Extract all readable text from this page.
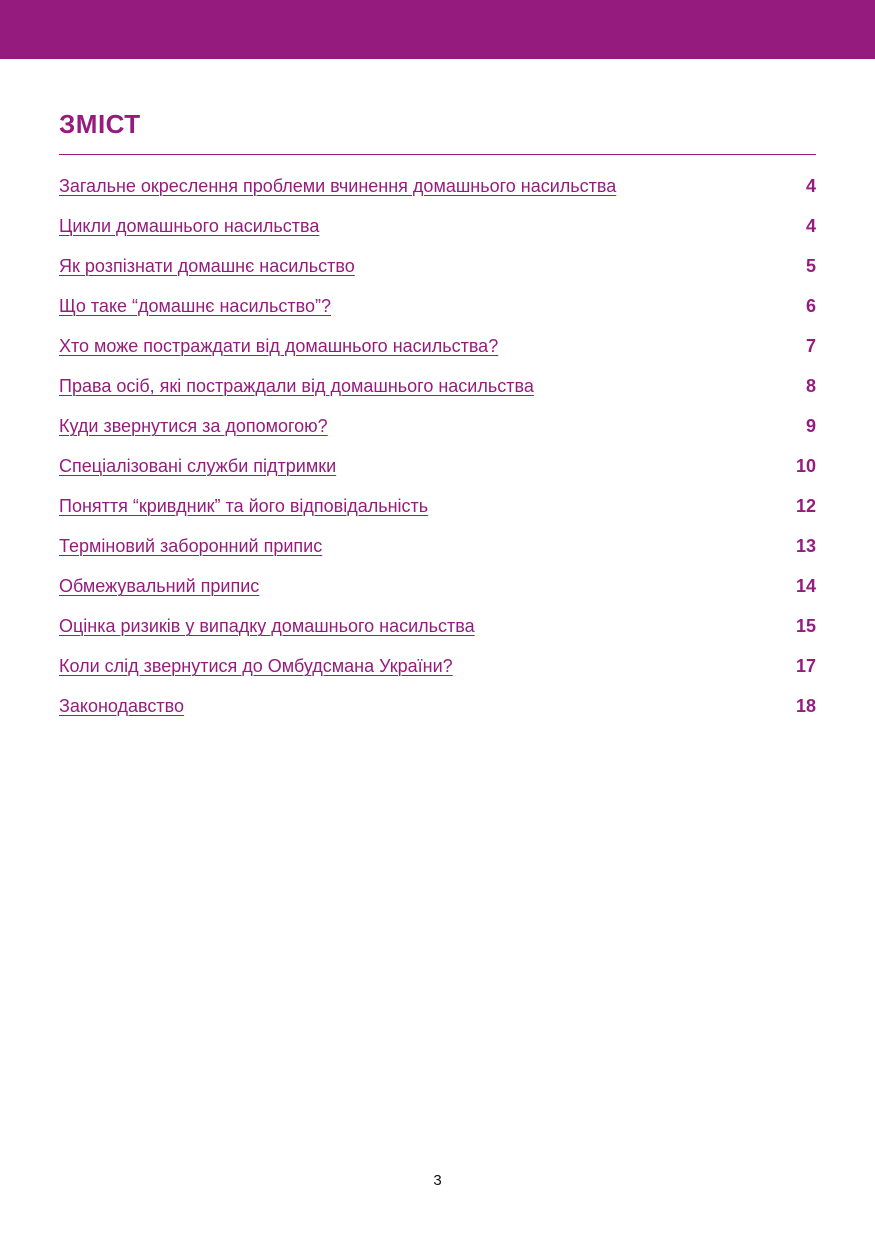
ЗМІСТ
Загальне окреслення проблеми вчинення домашнього насильства	4
Цикли домашнього насильства	4
Як розпізнати домашнє насильство	5
Що таке “домашнє насильство”?	6
Хто може постраждати від домашнього насильства?	7
Права осіб, які постраждали від домашнього насильства	8
Куди звернутися за допомогою?	9
Спеціалізовані служби підтримки	10
Поняття “кривдник” та його відповідальність	12
Терміновий заборонний припис	13
Обмежувальний припис	14
Оцінка ризиків у випадку домашнього насильства	15
Коли слід звернутися до Омбудсмана України?	17
Законодавство	18
3
